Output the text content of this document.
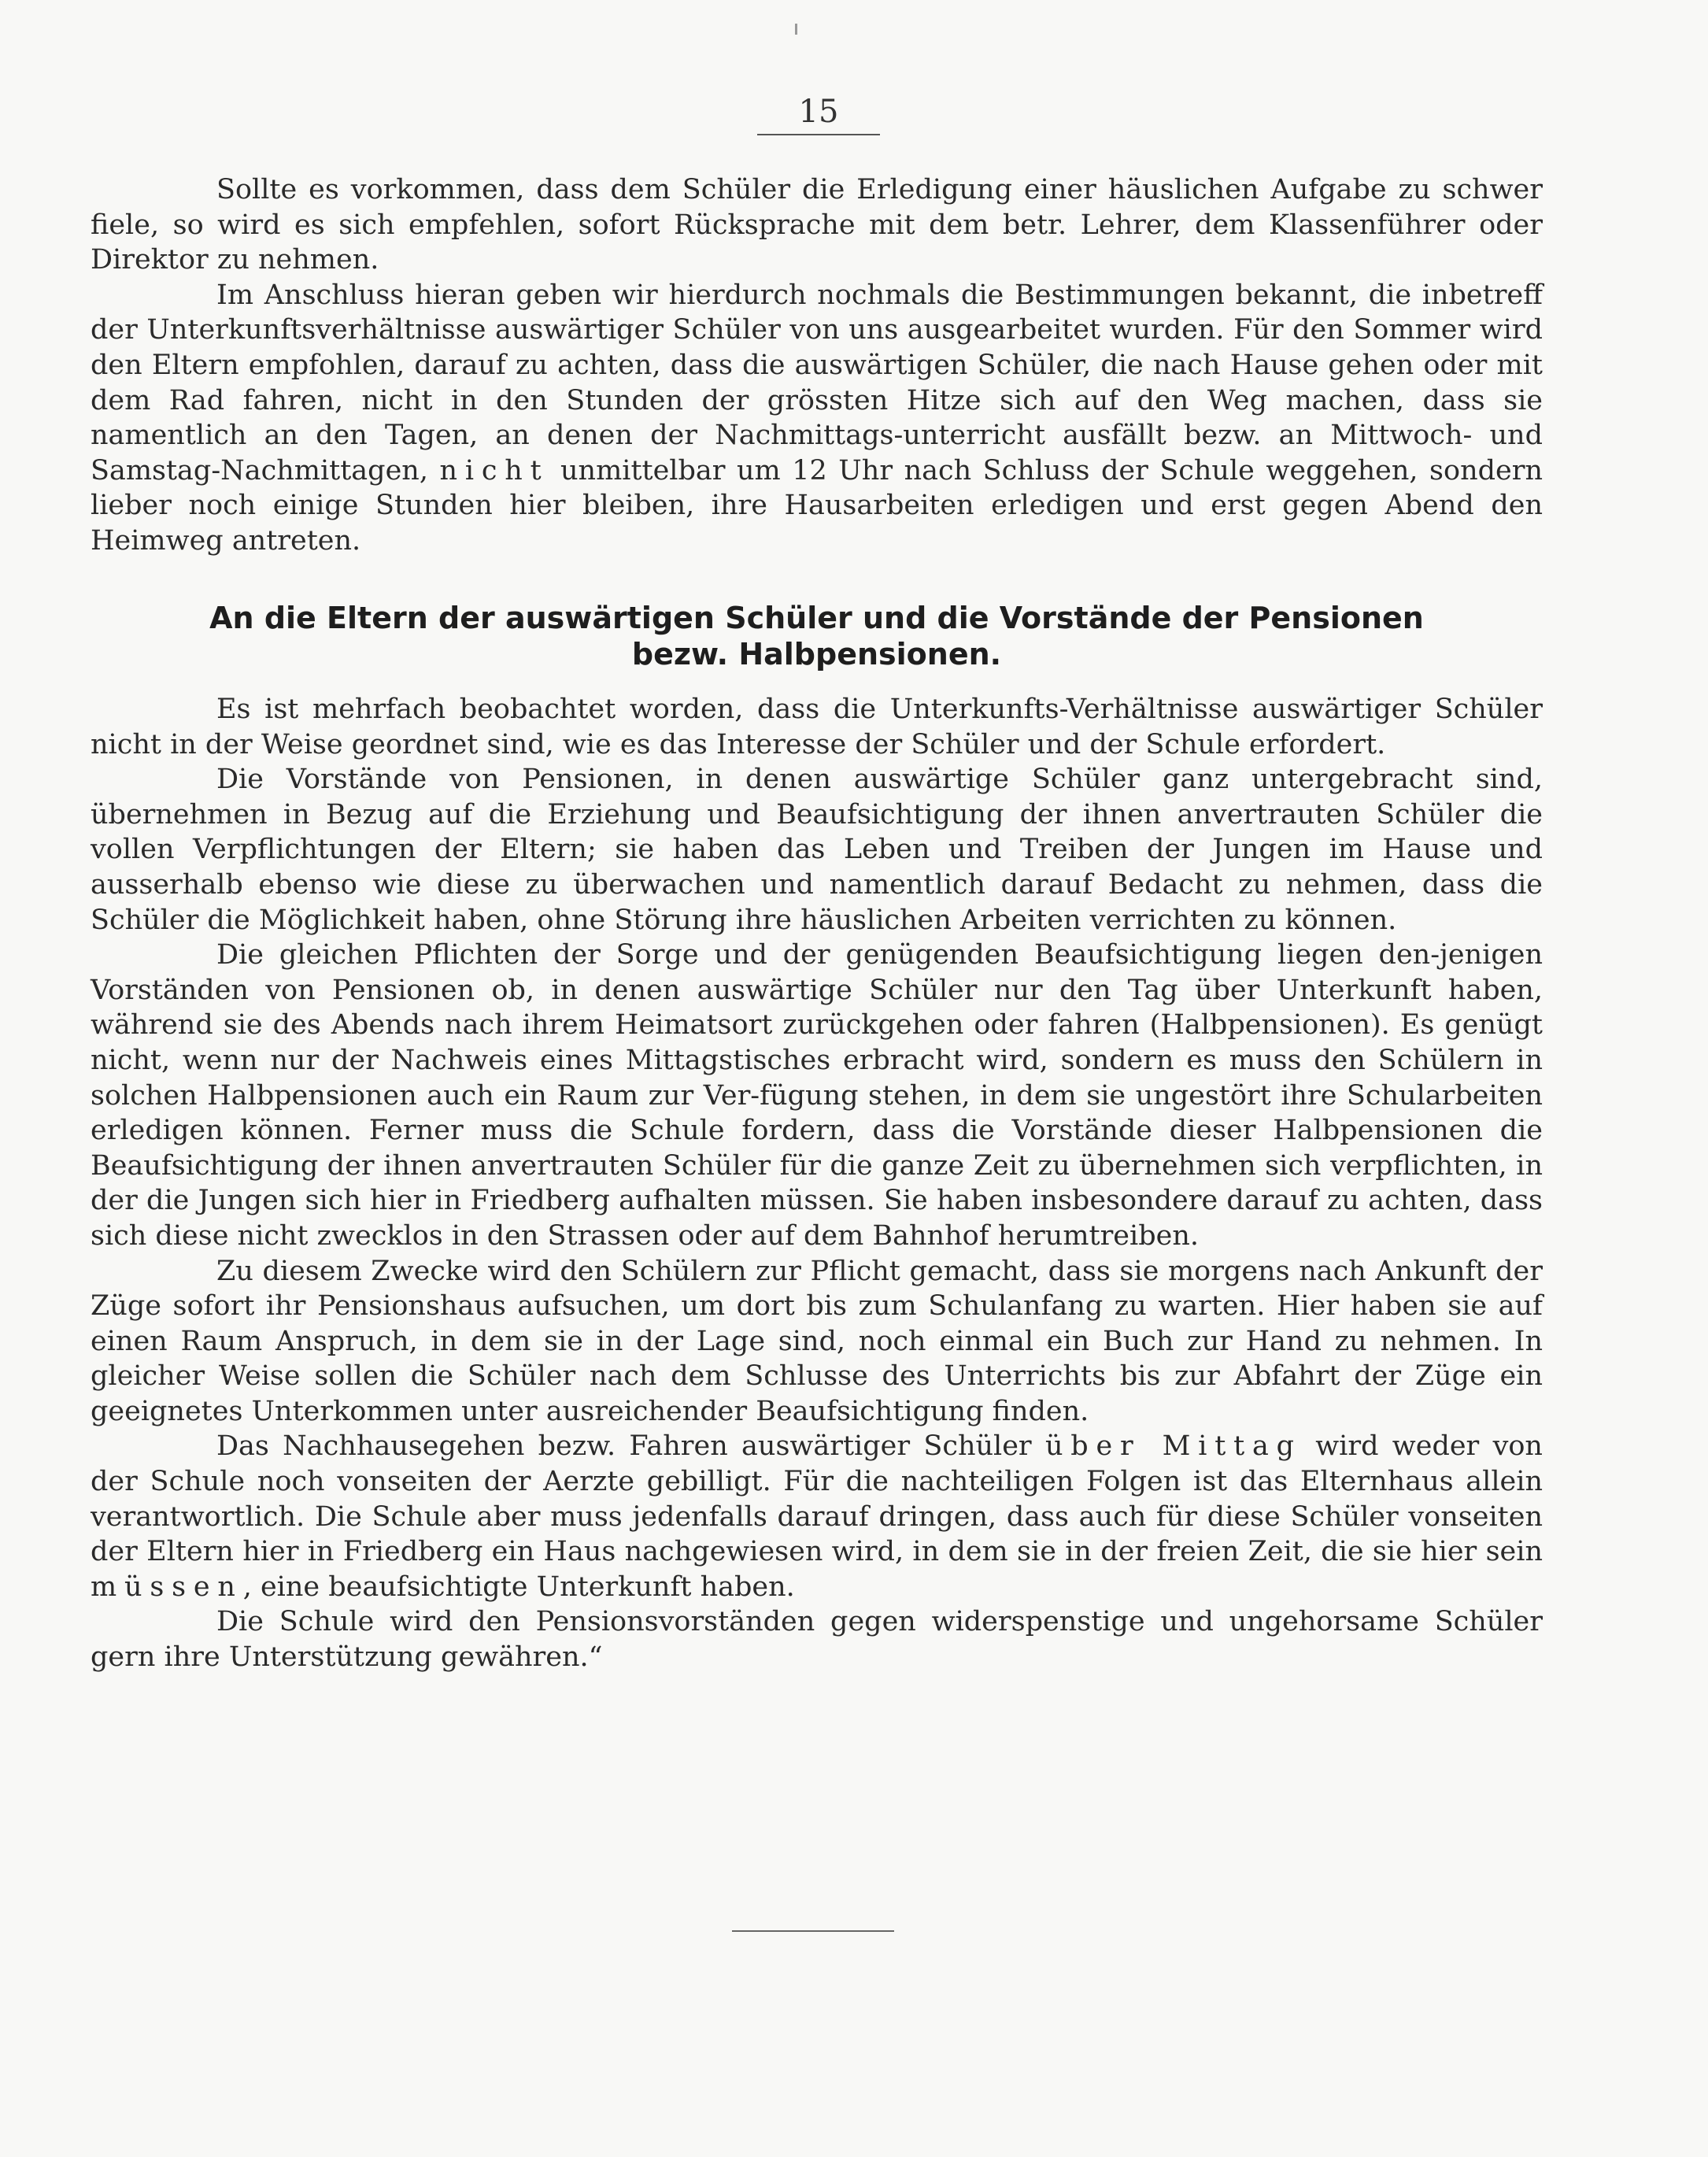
15

Sollte es vorkommen, dass dem Schüler die Erledigung einer häuslichen Aufgabe zu schwer fiele, so wird es sich empfehlen, sofort Rücksprache mit dem betr. Lehrer, dem Klassenführer oder Direktor zu nehmen.

Im Anschluss hieran geben wir hierdurch nochmals die Bestimmungen bekannt, die inbetreff der Unterkunftsverhältnisse auswärtiger Schüler von uns ausgearbeitet wurden. Für den Sommer wird den Eltern empfohlen, darauf zu achten, dass die auswärtigen Schüler, die nach Hause gehen oder mit dem Rad fahren, nicht in den Stunden der grössten Hitze sich auf den Weg machen, dass sie namentlich an den Tagen, an denen der Nachmittags-unterricht ausfällt bezw. an Mittwoch- und Samstag-Nachmittagen, nicht unmittelbar um 12 Uhr nach Schluss der Schule weggehen, sondern lieber noch einige Stunden hier bleiben, ihre Hausarbeiten erledigen und erst gegen Abend den Heimweg antreten.

An die Eltern der auswärtigen Schüler und die Vorstände der Pensionen
bezw. Halbpensionen.

Es ist mehrfach beobachtet worden, dass die Unterkunfts-Verhältnisse auswärtiger Schüler nicht in der Weise geordnet sind, wie es das Interesse der Schüler und der Schule erfordert.

Die Vorstände von Pensionen, in denen auswärtige Schüler ganz untergebracht sind, übernehmen in Bezug auf die Erziehung und Beaufsichtigung der ihnen anvertrauten Schüler die vollen Verpflichtungen der Eltern; sie haben das Leben und Treiben der Jungen im Hause und ausserhalb ebenso wie diese zu überwachen und namentlich darauf Bedacht zu nehmen, dass die Schüler die Möglichkeit haben, ohne Störung ihre häuslichen Arbeiten verrichten zu können.

Die gleichen Pflichten der Sorge und der genügenden Beaufsichtigung liegen den-jenigen Vorständen von Pensionen ob, in denen auswärtige Schüler nur den Tag über Unterkunft haben, während sie des Abends nach ihrem Heimatsort zurückgehen oder fahren (Halbpensionen). Es genügt nicht, wenn nur der Nachweis eines Mittagstisches erbracht wird, sondern es muss den Schülern in solchen Halbpensionen auch ein Raum zur Ver-fügung stehen, in dem sie ungestört ihre Schularbeiten erledigen können. Ferner muss die Schule fordern, dass die Vorstände dieser Halbpensionen die Beaufsichtigung der ihnen anvertrauten Schüler für die ganze Zeit zu übernehmen sich verpflichten, in der die Jungen sich hier in Friedberg aufhalten müssen. Sie haben insbesondere darauf zu achten, dass sich diese nicht zwecklos in den Strassen oder auf dem Bahnhof herumtreiben.

Zu diesem Zwecke wird den Schülern zur Pflicht gemacht, dass sie morgens nach Ankunft der Züge sofort ihr Pensionshaus aufsuchen, um dort bis zum Schulanfang zu warten. Hier haben sie auf einen Raum Anspruch, in dem sie in der Lage sind, noch einmal ein Buch zur Hand zu nehmen. In gleicher Weise sollen die Schüler nach dem Schlusse des Unterrichts bis zur Abfahrt der Züge ein geeignetes Unterkommen unter ausreichender Beaufsichtigung finden.

Das Nachhausegehen bezw. Fahren auswärtiger Schüler über Mittag wird weder von der Schule noch vonseiten der Aerzte gebilligt. Für die nachteiligen Folgen ist das Elternhaus allein verantwortlich. Die Schule aber muss jedenfalls darauf dringen, dass auch für diese Schüler vonseiten der Eltern hier in Friedberg ein Haus nachgewiesen wird, in dem sie in der freien Zeit, die sie hier sein müssen, eine beaufsichtigte Unterkunft haben.

Die Schule wird den Pensionsvorständen gegen widerspenstige und ungehorsame Schüler gern ihre Unterstützung gewähren.“
